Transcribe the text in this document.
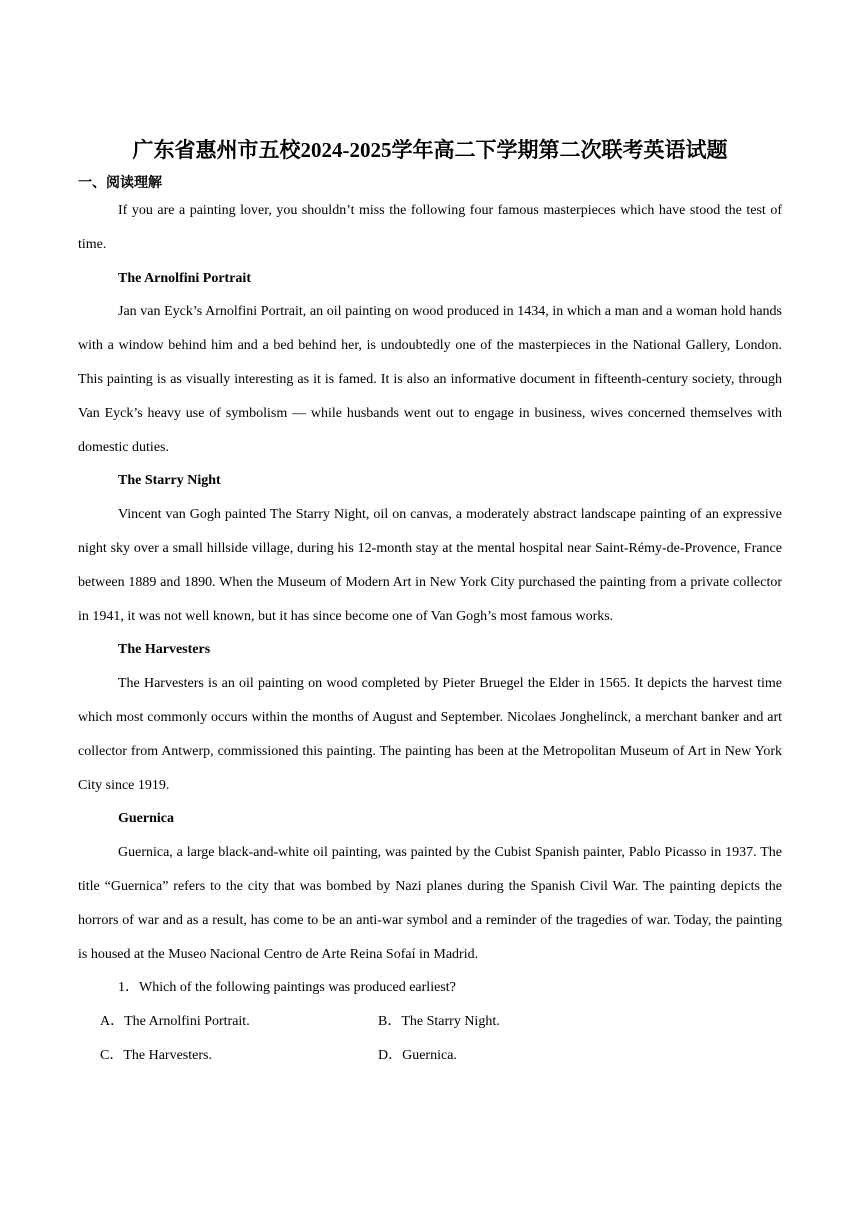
广东省惠州市五校2024-2025学年高二下学期第二次联考英语试题
一、阅读理解

If you are a painting lover, you shouldn’t miss the following four famous masterpieces which have stood the test of time.

The Arnolfini Portrait

Jan van Eyck’s Arnolfini Portrait, an oil painting on wood produced in 1434, in which a man and a woman hold hands with a window behind him and a bed behind her, is undoubtedly one of the masterpieces in the National Gallery, London. This painting is as visually interesting as it is famed. It is also an informative document in fifteenth-century society, through Van Eyck’s heavy use of symbolism — while husbands went out to engage in business, wives concerned themselves with domestic duties.

The Starry Night

Vincent van Gogh painted The Starry Night, oil on canvas, a moderately abstract landscape painting of an expressive night sky over a small hillside village, during his 12-month stay at the mental hospital near Saint-Rémy-de-Provence, France between 1889 and 1890. When the Museum of Modern Art in New York City purchased the painting from a private collector in 1941, it was not well known, but it has since become one of Van Gogh’s most famous works.

The Harvesters

The Harvesters is an oil painting on wood completed by Pieter Bruegel the Elder in 1565. It depicts the harvest time which most commonly occurs within the months of August and September. Nicolaes Jonghelinck, a merchant banker and art collector from Antwerp, commissioned this painting. The painting has been at the Metropolitan Museum of Art in New York City since 1919.

Guernica

Guernica, a large black-and-white oil painting, was painted by the Cubist Spanish painter, Pablo Picasso in 1937. The title “Guernica” refers to the city that was bombed by Nazi planes during the Spanish Civil War. The painting depicts the horrors of war and as a result, has come to be an anti-war symbol and a reminder of the tragedies of war. Today, the painting is housed at the Museo Nacional Centro de Arte Reina Sofaí in Madrid.

1．Which of the following paintings was produced earliest?

A．The Arnolfini Portrait.	B．The Starry Night.
C．The Harvesters.	D．Guernica.
